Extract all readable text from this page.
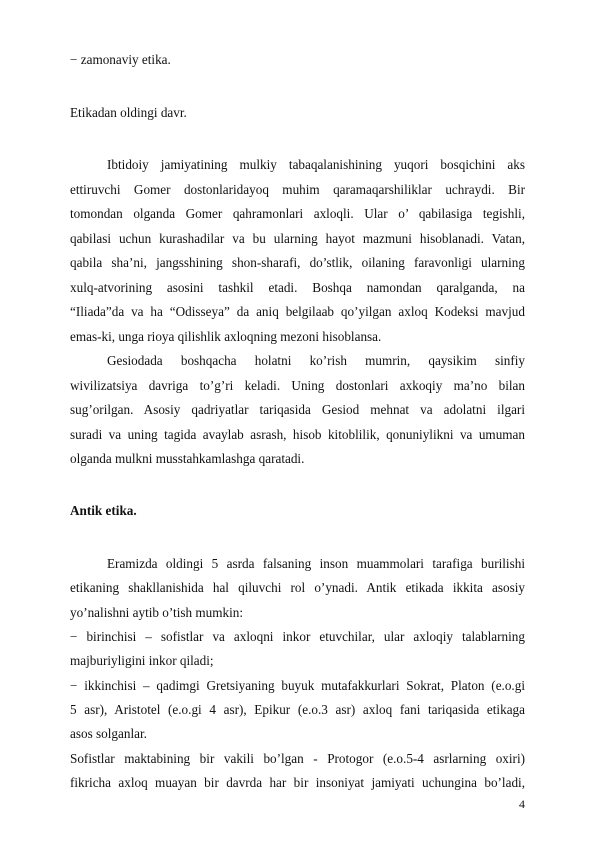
− zamonaviy etika.
Etikadan oldingi davr.
Ibtidoiy jamiyatining mulkiy tabaqalanishining yuqori bosqichini aks
ettiruvchi Gomer dostonlaridayoq muhim qaramaqarshiliklar uchraydi. Bir
tomondan olganda Gomer qahramonlari axloqli. Ular o’ qabilasiga tegishli,
qabilasi uchun kurashadilar va bu ularning hayot mazmuni hisoblanadi. Vatan,
qabila sha’ni, jangsshining shon-sharafi, do’stlik, oilaning faravonligi ularning
xulq-atvorining asosini tashkil etadi. Boshqa namondan qaralganda, na
“Iliada”da va ha “Odisseya” da aniq belgilaab qo’yilgan axloq Kodeksi mavjud
emas-ki, unga rioya qilishlik axloqning mezoni hisoblansa.
Gesiodada boshqacha holatni ko’rish mumrin, qaysikim sinfiy
wivilizatsiya davriga to’g’ri keladi. Uning dostonlari axkoqiy ma’no bilan
sug’orilgan. Asosiy qadriyatlar tariqasida Gesiod mehnat va adolatni ilgari
suradi va uning tagida avaylab asrash, hisob kitoblilik, qonuniylikni va umuman
olganda mulkni musstahkamlashga qaratadi.
Antik etika.
Eramizda oldingi 5 asrda falsaning inson muammolari tarafiga burilishi
etikaning shakllanishida hal qiluvchi rol o’ynadi. Antik etikada ikkita asosiy
yo’nalishni aytib o’tish mumkin:
− birinchisi – sofistlar va axloqni inkor etuvchilar, ular axloqiy talablarning
majburiyligini inkor qiladi;
− ikkinchisi – qadimgi Gretsiyaning buyuk mutafakkurlari Sokrat, Platon (e.o.gi
5 asr), Aristotel (e.o.gi 4 asr), Epikur (e.o.3 asr) axloq fani tariqasida etikaga
asos solganlar.
Sofistlar maktabining bir vakili bo’lgan - Protogor (e.o.5-4 asrlarning oxiri)
fikricha axloq muayan bir davrda har bir insoniyat jamiyati uchungina bo’ladi,
4
